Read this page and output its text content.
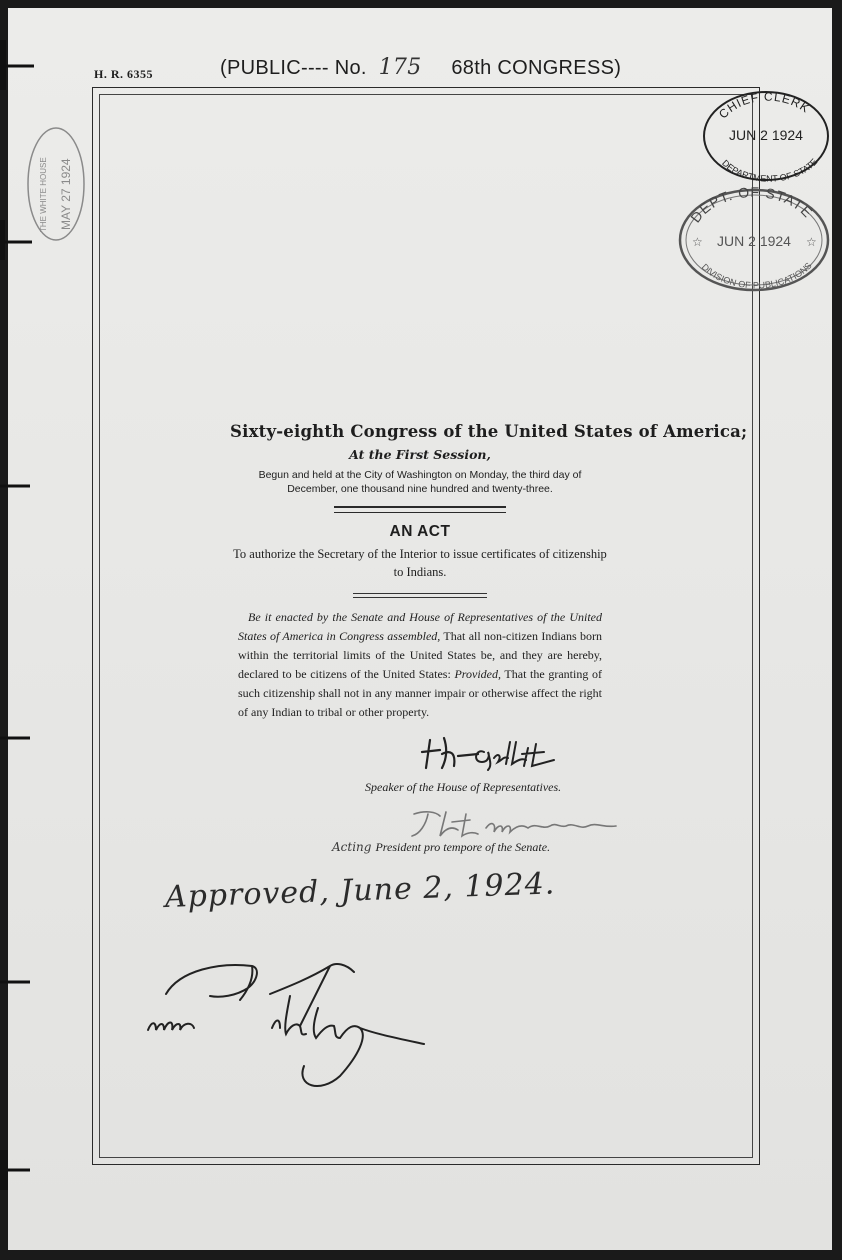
H. R. 6355	(PUBLIC---- No. 175 68th CONGRESS)
THE WHITE HOUSE MAY 27 1924
CHIEF CLERK
JUN 2 1924
DEPARTMENT OF STATE
DEPT. OF STATE
JUN 2 1924
☆	☆
DIVISION OF PUBLICATIONS
Sixty-eighth Congress of the United States of America;
At the First Session,
Begun and held at the City of Washington on Monday, the third day of December, one thousand nine hundred and twenty-three.
AN ACT
To authorize the Secretary of the Interior to issue certificates of citizenship to Indians.
Be it enacted by the Senate and House of Representatives of the United States of America in Congress assembled, That all non-citizen Indians born within the territorial limits of the United States be, and they are hereby, declared to be citizens of the United States: Provided, That the granting of such citizenship shall not in any manner impair or otherwise affect the right of any Indian to tribal or other property.
Speaker of the House of Representatives.
Acting President pro tempore of the Senate.
Approved, June 2, 1924.
